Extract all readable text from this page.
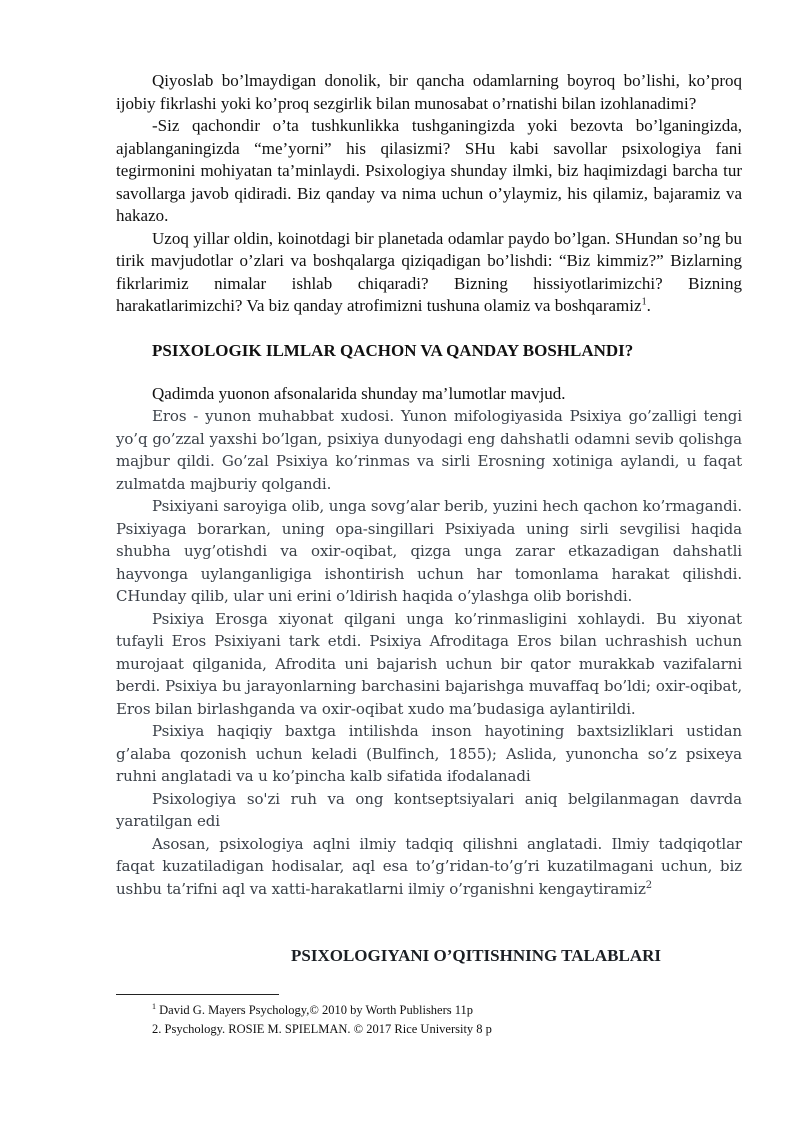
Qiyoslab bo’lmaydigan donolik, bir qancha odamlarning boyroq bo’lishi, ko’proq ijobiy fikrlashi yoki ko’proq sezgirlik bilan munosabat o’rnatishi bilan izohlanadimi?

-Siz qachondir o’ta tushkunlikka tushganingizda yoki bezovta bo’lganingizda, ajablanganingizda “me’yorni” his qilasizmi? SHu kabi savollar psixologiya fani tegirmonini mohiyatan ta’minlaydi. Psixologiya shunday ilmki, biz haqimizdagi barcha tur savollarga javob qidiradi. Biz qanday va nima uchun o’ylaymiz, his qilamiz, bajaramiz va hakazo.

Uzoq yillar oldin, koinotdagi bir planetada odamlar paydo bo’lgan. SHundan so’ng bu tirik mavjudotlar o’zlari va boshqalarga qiziqadigan bo’lishdi: “Biz kimmiz?” Bizlarning fikrlarimiz nimalar ishlab chiqaradi? Bizning hissiyotlarimizchi? Bizning harakatlarimizchi? Va biz qanday atrofimizni tushuna olamiz va boshqaramiz$^1$.

PSIXOLOGIK ILMLAR QACHON VA QANDAY BOSHLANDI?

Qadimda yuonon afsonalarida shunday ma’lumotlar mavjud.

Eros - yunon muhabbat xudosi. Yunon mifologiyasida Psixiya go’zalligi tengi yo’q go’zzal yaxshi bo’lgan, psixiya dunyodagi eng dahshatli odamni sevib qolishga majbur qildi. Go’zal Psixiya ko’rinmas va sirli Erosning xotiniga aylandi, u faqat zulmatda majburiy qolgandi.

Psixiyani saroyiga olib, unga sovg’alar berib, yuzini hech qachon ko’rmagandi. Psixiyaga borarkan, uning opa-singillari Psixiyada uning sirli sevgilisi haqida shubha uyg’otishdi va oxir-oqibat, qizga unga zarar etkazadigan dahshatli hayvonga uylanganligiga ishontirish uchun har tomonlama harakat qilishdi. CHunday qilib, ular uni erini o’ldirish haqida o’ylashga olib borishdi.

Psixiya Erosga xiyonat qilgani unga ko’rinmasligini xohlaydi. Bu xiyonat tufayli Eros Psixiyani tark etdi. Psixiya Afroditaga Eros bilan uchrashish uchun murojaat qilganida, Afrodita uni bajarish uchun bir qator murakkab vazifalarni berdi. Psixiya bu jarayonlarning barchasini bajarishga muvaffaq bo’ldi; oxir-oqibat, Eros bilan birlashganda va oxir-oqibat xudo ma’budasiga aylantirildi.

Psixiya haqiqiy baxtga intilishda inson hayotining baxtsizliklari ustidan g’alaba qozonish uchun keladi (Bulfinch, 1855); Aslida, yunoncha so’z psixeya ruhni anglatadi va u ko’pincha kalb sifatida ifodalanadi

Psixologiya so'zi ruh va ong kontseptsiyalari aniq belgilanmagan davrda yaratilgan edi

Asosan, psixologiya aqlni ilmiy tadqiq qilishni anglatadi. Ilmiy tadqiqotlar faqat kuzatiladigan hodisalar, aql esa to’g’ridan-to’g’ri kuzatilmagani uchun, biz ushbu ta’rifni aql va xatti-harakatlarni ilmiy o’rganishni kengaytiramiz$^2$

PSIXOLOGIYANI O’QITISHNING TALABLARI
$^1$ David G. Mayers Psychology,© 2010 by Worth Publishers 11p
2. Psychology. ROSIE M. SPIELMAN. © 2017 Rice University 8 p
